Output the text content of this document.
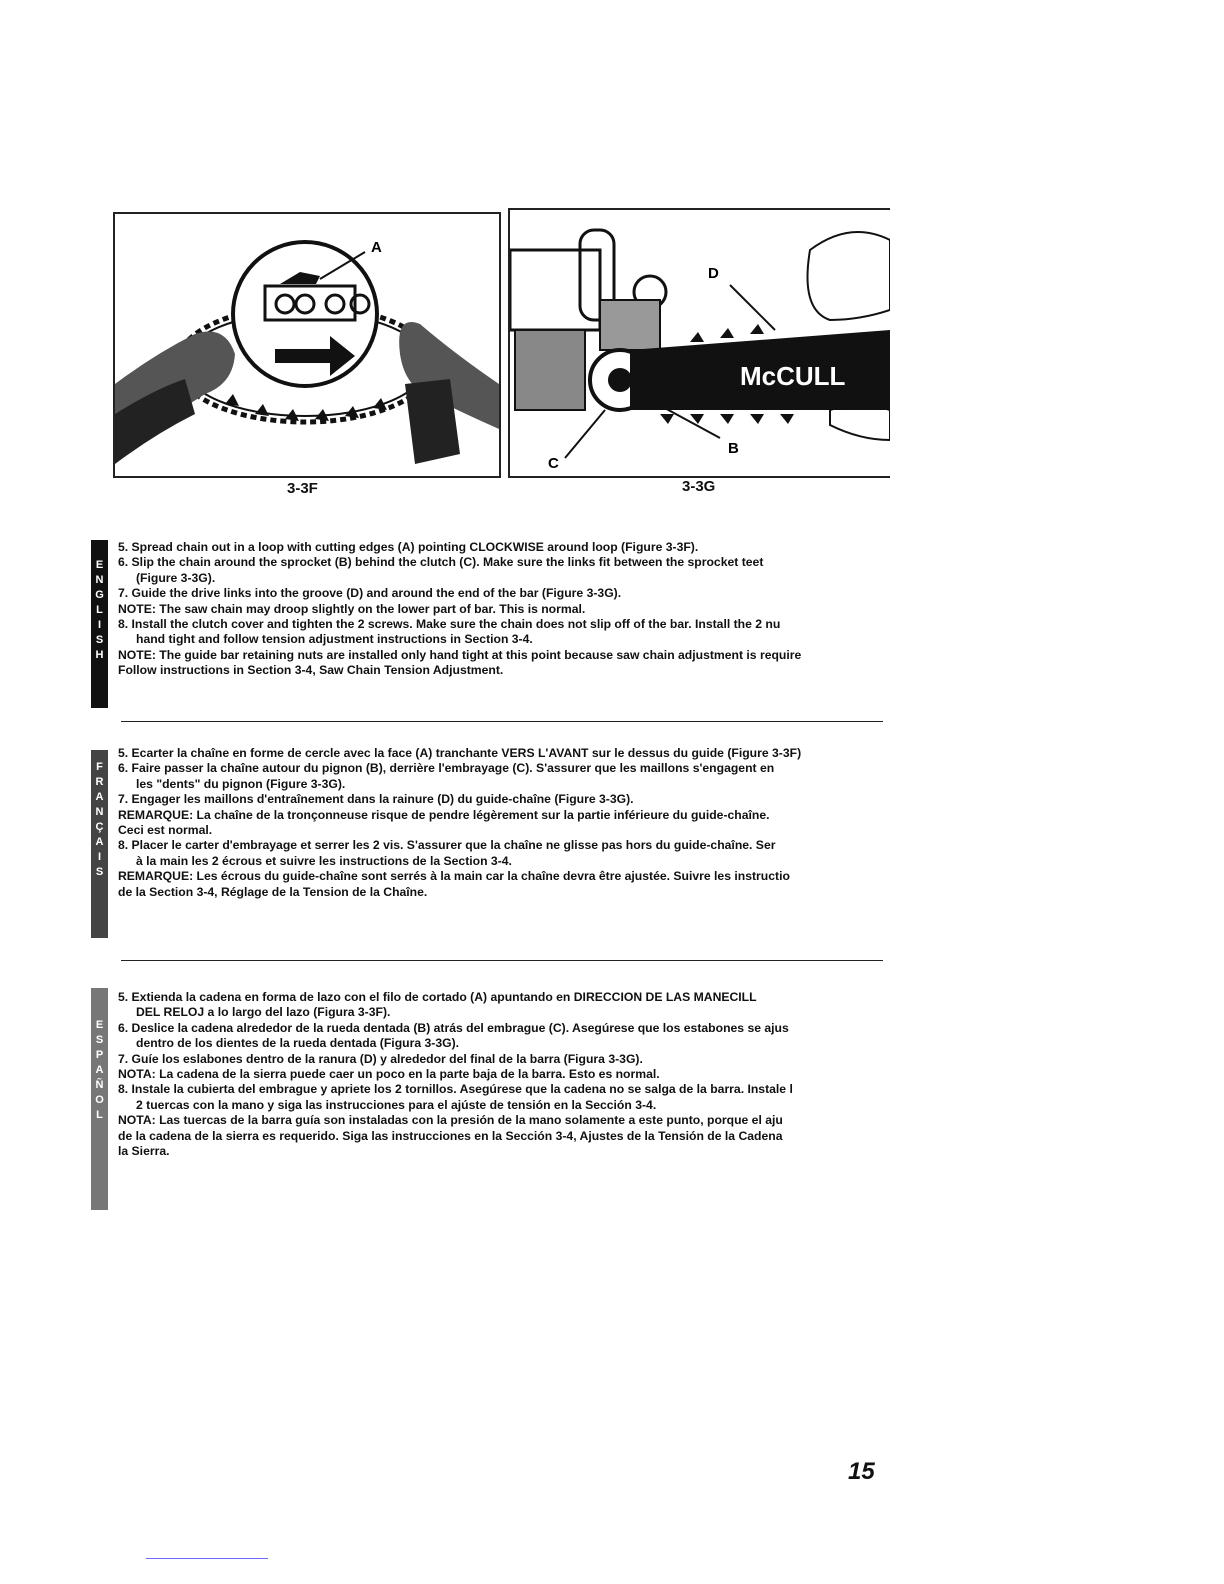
A
3-3F
McCULL
D
B
C
3-3G
E
N
G
L
I
S
H
5. Spread chain out in a loop with cutting edges (A) pointing CLOCKWISE around loop (Figure 3-3F).
6. Slip the chain around the sprocket (B) behind the clutch (C). Make sure the links fit between the sprocket teet
(Figure 3-3G).
7. Guide the drive links into the groove (D) and around the end of the bar (Figure 3-3G).
NOTE: The saw chain may droop slightly on the lower part of bar. This is normal.
8. Install the clutch cover and tighten the 2 screws. Make sure the chain does not slip off of the bar. Install the 2 nu
hand tight and follow tension adjustment instructions in Section 3-4.
NOTE: The guide bar retaining nuts are installed only hand tight at this point because saw chain adjustment is require
Follow instructions in Section 3-4, Saw Chain Tension Adjustment.
F
R
A
N
Ç
A
I
S
5. Ecarter la chaîne en forme de cercle avec la face (A) tranchante VERS L'AVANT sur le dessus du guide (Figure 3-3F)
6. Faire passer la chaîne autour du pignon (B), derrière l'embrayage (C). S'assurer que les maillons s'engagent en
les "dents" du pignon (Figure 3-3G).
7. Engager les maillons d'entraînement dans la rainure (D) du guide-chaîne (Figure 3-3G).
REMARQUE: La chaîne de la tronçonneuse risque de pendre légèrement sur la partie inférieure du guide-chaîne.
Ceci est normal.
8. Placer le carter d'embrayage et serrer les 2 vis. S'assurer que la chaîne ne glisse pas hors du guide-chaîne. Ser
à la main les 2 écrous et suivre les instructions de la Section 3-4.
REMARQUE: Les écrous du guide-chaîne sont serrés à la main car la chaîne devra être ajustée. Suivre les instructio
de la Section 3-4, Réglage de la Tension de la Chaîne.
E
S
P
A
Ñ
O
L
5. Extienda la cadena en forma de lazo con el filo de cortado (A) apuntando en DIRECCION DE LAS MANECILL
DEL RELOJ a lo largo del lazo (Figura 3-3F).
6. Deslice la cadena alrededor de la rueda dentada (B) atrás del embrague (C). Asegúrese que los estabones se ajus
dentro de los dientes de la rueda dentada (Figura 3-3G).
7. Guíe los eslabones dentro de la ranura (D) y alrededor del final de la barra (Figura 3-3G).
NOTA: La cadena de la sierra puede caer un poco en la parte baja de la barra. Esto es normal.
8. Instale la cubierta del embrague y apriete los 2 tornillos. Asegúrese que la cadena no se salga de la barra. Instale l
2 tuercas con la mano y siga las instrucciones para el ajúste de tensión en la Sección 3-4.
NOTA: Las tuercas de la barra guía son instaladas con la presión de la mano solamente a este punto, porque el aju
de la cadena de la sierra es requerido. Siga las instrucciones en la Sección 3-4, Ajustes de la Tensión de la Cadena
la Sierra.
15
